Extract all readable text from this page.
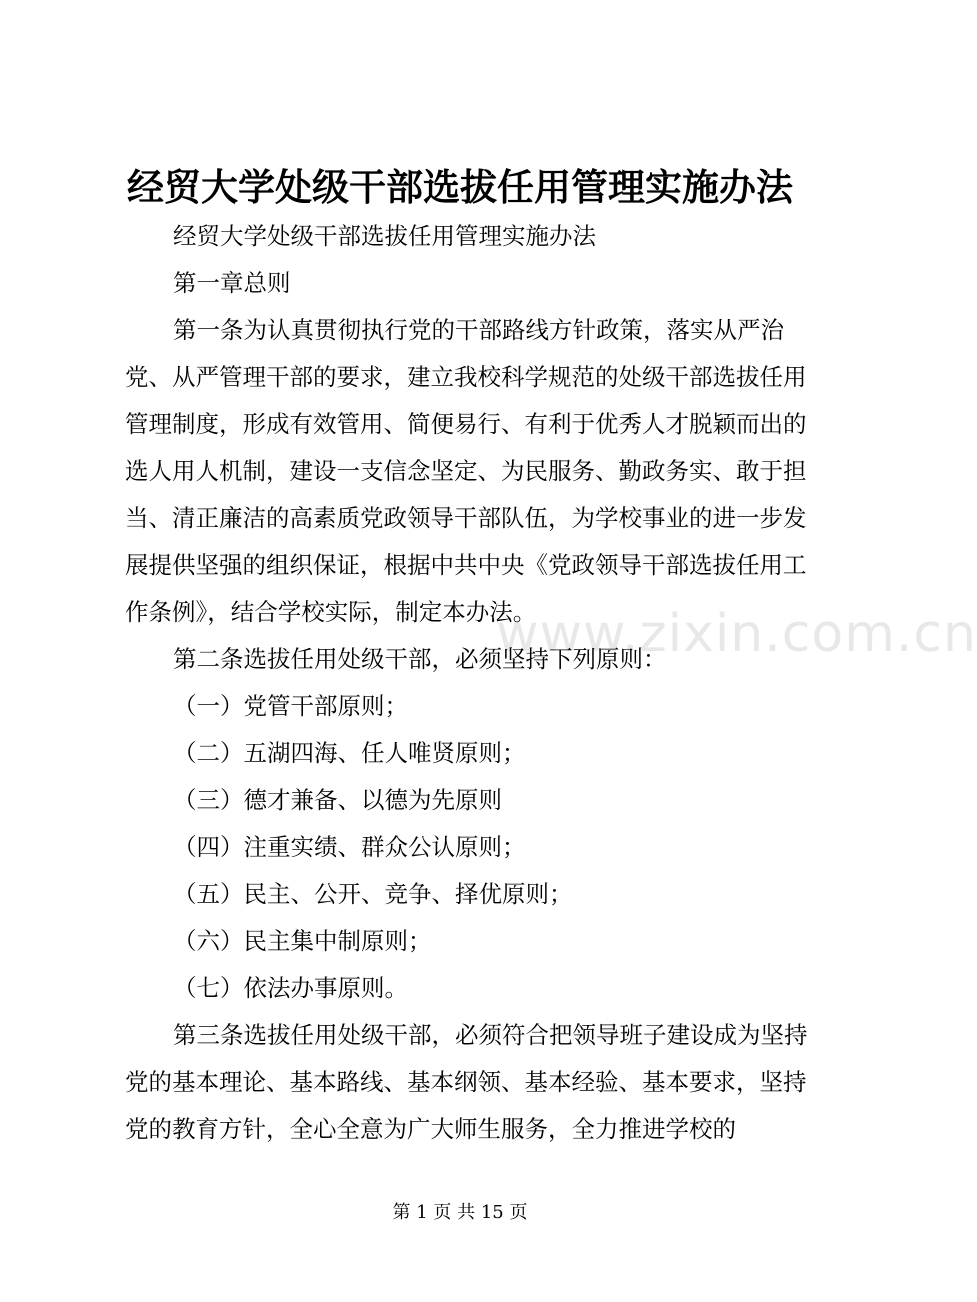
www.zixin.com.cn
经贸大学处级干部选拔任用管理实施办法

经贸大学处级干部选拔任用管理实施办法

第一章总则

第一条为认真贯彻执行党的干部路线方针政策，落实从严治党、从严管理干部的要求，建立我校科学规范的处级干部选拔任用管理制度，形成有效管用、简便易行、有利于优秀人才脱颖而出的选人用人机制，建设一支信念坚定、为民服务、勤政务实、敢于担当、清正廉洁的高素质党政领导干部队伍，为学校事业的进一步发展提供坚强的组织保证，根据中共中央《党政领导干部选拔任用工作条例》，结合学校实际，制定本办法。

第二条选拔任用处级干部，必须坚持下列原则：

（一）党管干部原则；

（二）五湖四海、任人唯贤原则；

（三）德才兼备、以德为先原则

（四）注重实绩、群众公认原则；

（五）民主、公开、竞争、择优原则；

（六）民主集中制原则；

（七）依法办事原则。

第三条选拔任用处级干部，必须符合把领导班子建设成为坚持党的基本理论、基本路线、基本纲领、基本经验、基本要求，坚持党的教育方针，全心全意为广大师生服务，全力推进学校的

第 1 页 共 15 页
